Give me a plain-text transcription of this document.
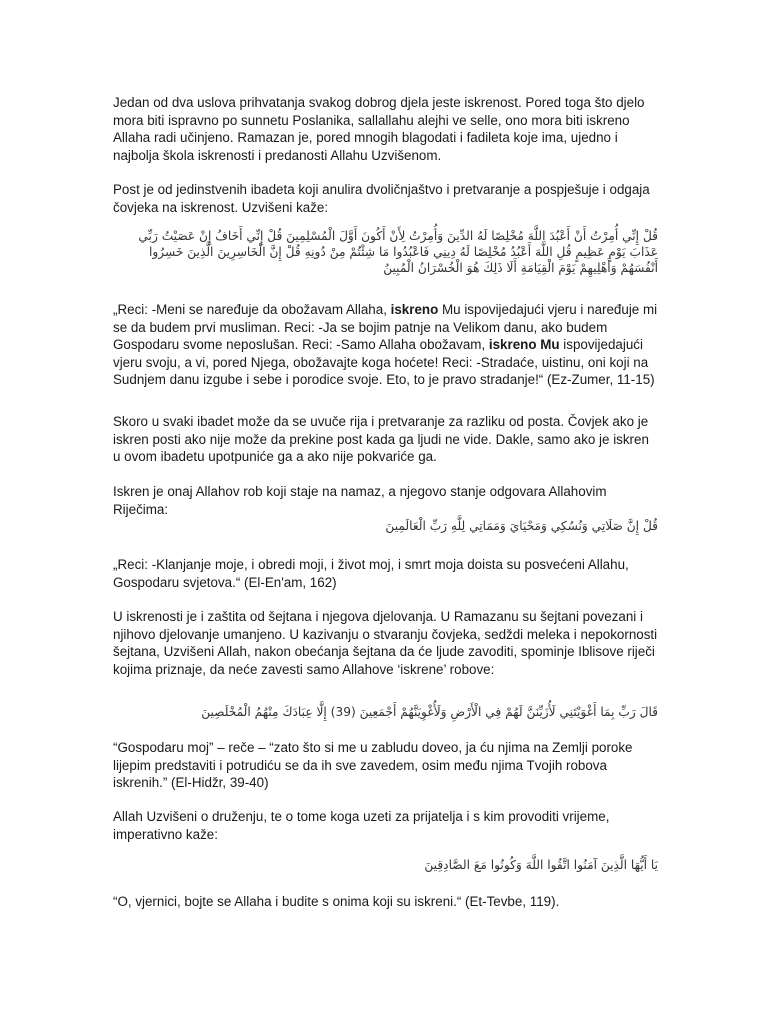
Jedan od dva uslova prihvatanja svakog dobrog djela jeste iskrenost. Pored toga što djelo mora biti ispravno po sunnetu Poslanika, sallallahu alejhi ve selle, ono mora biti iskreno Allaha radi učinjeno. Ramazan je, pored mnogih blagodati i fadileta koje ima, ujedno i najbolja škola iskrenosti i predanosti Allahu Uzvišenom.

Post je od jedinstvenih ibadeta koji anulira dvoličnjaštvo i pretvaranje a pospješuje i odgaja čovjeka na iskrenost. Uzvišeni kaže:

قُلْ إِنِّي أُمِرْتُ أَنْ أَعْبُدَ اللَّهَ مُخْلِصًا لَهُ الدِّينَ وَأُمِرْتُ لِأَنْ أَكُونَ أَوَّلَ الْمُسْلِمِينَ قُلْ إِنِّي أَخَافُ إِنْ عَصَيْتُ رَبِّي عَذَابَ يَوْمٍ عَظِيمٍ قُلِ اللَّهَ أَعْبُدُ مُخْلِصًا لَهُ دِينِي فَاعْبُدُوا مَا شِئْتُمْ مِنْ دُونِهِ قُلْ إِنَّ الْخَاسِرِينَ الَّذِينَ خَسِرُوا أَنْفُسَهُمْ وَأَهْلِيهِمْ يَوْمَ الْقِيَامَةِ أَلَا ذَلِكَ هُوَ الْخُسْرَانُ الْمُبِينُ

„Reci: -Meni se naređuje da obožavam Allaha, iskreno Mu ispovijedajući vjeru i naređuje mi se da budem prvi musliman. Reci: -Ja se bojim patnje na Velikom danu, ako budem Gospodaru svome neposlušan. Reci: -Samo Allaha obožavam, iskreno Mu ispovijedajući vjeru svoju, a vi, pored Njega, obožavajte koga hoćete! Reci: -Stradaće, uistinu, oni koji na Sudnjem danu izgube i sebe i porodice svoje. Eto, to je pravo stradanje!“ (Ez-Zumer, 11-15)

Skoro u svaki ibadet može da se uvuče rija i pretvaranje za razliku od posta. Čovjek ako je iskren posti ako nije može da prekine post kada ga ljudi ne vide. Dakle, samo ako je iskren u ovom ibadetu upotpuniće ga a ako nije pokvariće ga.

Iskren je onaj Allahov rob koji staje na namaz, a njegovo stanje odgovara Allahovim Riječima:

قُلْ إِنَّ صَلَاتِي وَنُسُكِي وَمَحْيَايَ وَمَمَاتِي لِلَّهِ رَبِّ الْعَالَمِينَ

„Reci: -Klanjanje moje, i obredi moji, i život moj, i smrt moja doista su posvećeni Allahu, Gospodaru svjetova.“ (El-En'am, 162)

U iskrenosti je i zaštita od šejtana i njegova djelovanja. U Ramazanu su šejtani povezani i njihovo djelovanje umanjeno. U kazivanju o stvaranju čovjeka, sedždi meleka i nepokornosti šejtana, Uzvišeni Allah, nakon obećanja šejtana da će ljude zavoditi, spominje Iblisove riječi kojima priznaje, da neće zavesti samo Allahove ‘iskrene’ robove:

قَالَ رَبِّ بِمَا أَغْوَيْتَنِي لَأُزَيِّنَنَّ لَهُمْ فِي الْأَرْضِ وَلَأُغْوِيَنَّهُمْ أَجْمَعِينَ (39) إِلَّا عِبَادَكَ مِنْهُمُ الْمُخْلَصِينَ

“Gospodaru moj” – reče – “zato što si me u zabludu doveo, ja ću njima na Zemlji poroke lijepim predstaviti i potrudiću se da ih sve zavedem, osim među njima Tvojih robova iskrenih.” (El-Hidžr, 39-40)

Allah Uzvišeni o druženju, te o tome koga uzeti za prijatelja i s kim provoditi vrijeme, imperativno kaže:

يَا أَيُّهَا الَّذِينَ آمَنُوا اتَّقُوا اللَّهَ وَكُونُوا مَعَ الصَّادِقِينَ

“O, vjernici, bojte se Allaha i budite s onima koji su iskreni.“ (Et-Tevbe, 119).
